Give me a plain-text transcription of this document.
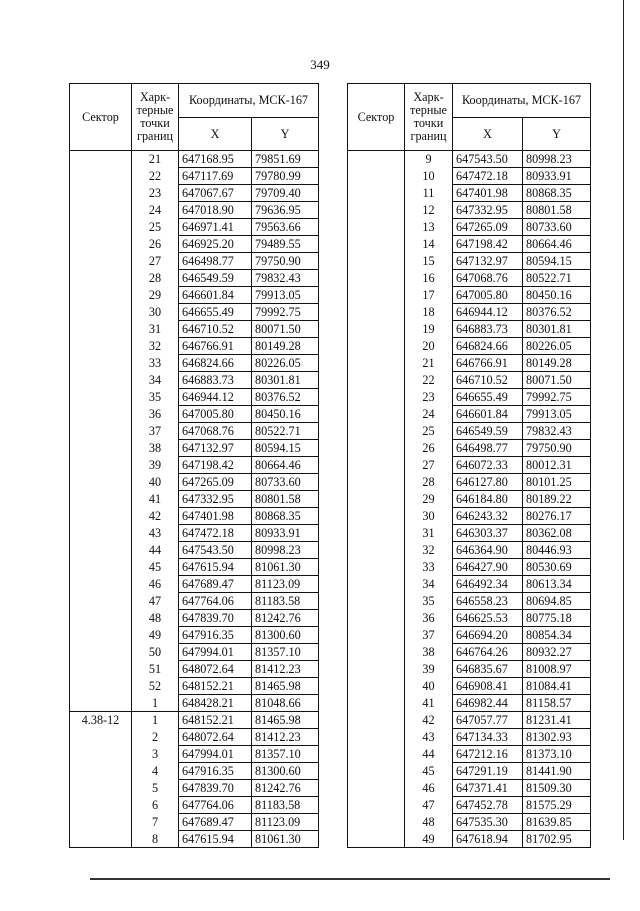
349
Сектор	Харк-терные точки границ	Координаты, МСК-167	
		X	Y
	21	647168.95	79851.69
	22	647117.69	79780.99
	23	647067.67	79709.40
	24	647018.90	79636.95
	25	646971.41	79563.66
	26	646925.20	79489.55
	27	646498.77	79750.90
	28	646549.59	79832.43
	29	646601.84	79913.05
	30	646655.49	79992.75
	31	646710.52	80071.50
	32	646766.91	80149.28
	33	646824.66	80226.05
	34	646883.73	80301.81
	35	646944.12	80376.52
	36	647005.80	80450.16
	37	647068.76	80522.71
	38	647132.97	80594.15
	39	647198.42	80664.46
	40	647265.09	80733.60
	41	647332.95	80801.58
	42	647401.98	80868.35
	43	647472.18	80933.91
	44	647543.50	80998.23
	45	647615.94	81061.30
	46	647689.47	81123.09
	47	647764.06	81183.58
	48	647839.70	81242.76
	49	647916.35	81300.60
	50	647994.01	81357.10
	51	648072.64	81412.23
	52	648152.21	81465.98
	1	648428.21	81048.66
4.38-12	1	648152.21	81465.98
	2	648072.64	81412.23
	3	647994.01	81357.10
	4	647916.35	81300.60
	5	647839.70	81242.76
	6	647764.06	81183.58
	7	647689.47	81123.09
	8	647615.94	81061.30
Сектор	Харк-терные точки границ	Координаты, МСК-167	
		X	Y
	9	647543.50	80998.23
	10	647472.18	80933.91
	11	647401.98	80868.35
	12	647332.95	80801.58
	13	647265.09	80733.60
	14	647198.42	80664.46
	15	647132.97	80594.15
	16	647068.76	80522.71
	17	647005.80	80450.16
	18	646944.12	80376.52
	19	646883.73	80301.81
	20	646824.66	80226.05
	21	646766.91	80149.28
	22	646710.52	80071.50
	23	646655.49	79992.75
	24	646601.84	79913.05
	25	646549.59	79832.43
	26	646498.77	79750.90
	27	646072.33	80012.31
	28	646127.80	80101.25
	29	646184.80	80189.22
	30	646243.32	80276.17
	31	646303.37	80362.08
	32	646364.90	80446.93
	33	646427.90	80530.69
	34	646492.34	80613.34
	35	646558.23	80694.85
	36	646625.53	80775.18
	37	646694.20	80854.34
	38	646764.26	80932.27
	39	646835.67	81008.97
	40	646908.41	81084.41
	41	646982.44	81158.57
	42	647057.77	81231.41
	43	647134.33	81302.93
	44	647212.16	81373.10
	45	647291.19	81441.90
	46	647371.41	81509.30
	47	647452.78	81575.29
	48	647535.30	81639.85
	49	647618.94	81702.95
